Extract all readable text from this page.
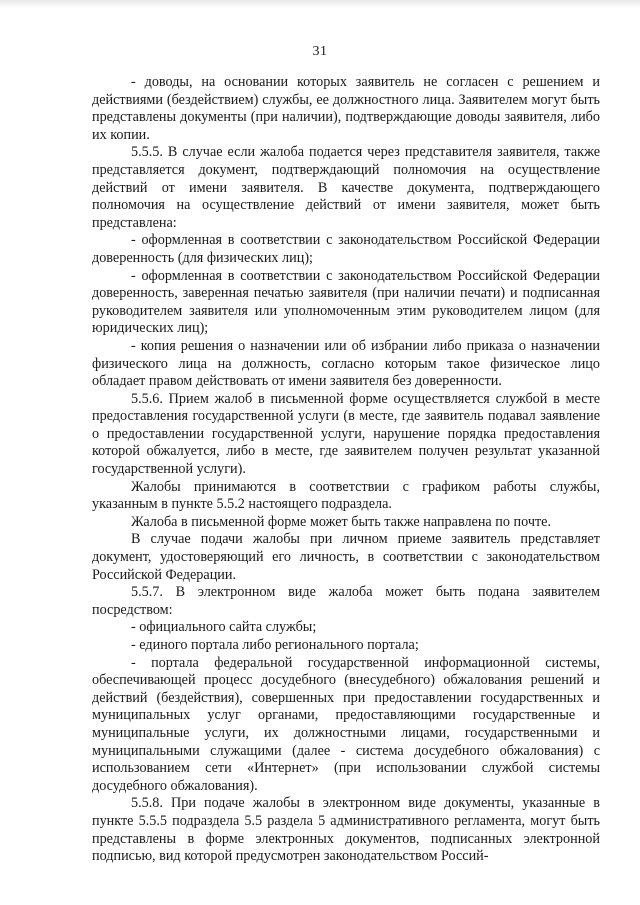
31

- доводы, на основании которых заявитель не согласен с решением и действиями (бездействием) службы, ее должностного лица. Заявителем могут быть представлены документы (при наличии), подтверждающие доводы заявителя, либо их копии.

5.5.5. В случае если жалоба подается через представителя заявителя, также представляется документ, подтверждающий полномочия на осуществление действий от имени заявителя. В качестве документа, подтверждающего полномочия на осуществление действий от имени заявителя, может быть представлена:

- оформленная в соответствии с законодательством Российской Федерации доверенность (для физических лиц);

- оформленная в соответствии с законодательством Российской Федерации доверенность, заверенная печатью заявителя (при наличии печати) и подписанная руководителем заявителя или уполномоченным этим руководителем лицом (для юридических лиц);

- копия решения о назначении или об избрании либо приказа о назначении физического лица на должность, согласно которым такое физическое лицо обладает правом действовать от имени заявителя без доверенности.

5.5.6. Прием жалоб в письменной форме осуществляется службой в месте предоставления государственной услуги (в месте, где заявитель подавал заявление о предоставлении государственной услуги, нарушение порядка предоставления которой обжалуется, либо в месте, где заявителем получен результат указанной государственной услуги).

Жалобы принимаются в соответствии с графиком работы службы, указанным в пункте 5.5.2 настоящего подраздела.

Жалоба в письменной форме может быть также направлена по почте.

В случае подачи жалобы при личном приеме заявитель представляет документ, удостоверяющий его личность, в соответствии с законодательством Российской Федерации.

5.5.7. В электронном виде жалоба может быть подана заявителем посредством:

- официального сайта службы;

- единого портала либо регионального портала;

- портала федеральной государственной информационной системы, обеспечивающей процесс досудебного (внесудебного) обжалования решений и действий (бездействия), совершенных при предоставлении государственных и муниципальных услуг органами, предоставляющими государственные и муниципальные услуги, их должностными лицами, государственными и муниципальными служащими (далее - система досудебного обжалования) с использованием сети «Интернет» (при использовании службой системы досудебного обжалования).

5.5.8. При подаче жалобы в электронном виде документы, указанные в пункте 5.5.5 подраздела 5.5 раздела 5 административного регламента, могут быть представлены в форме электронных документов, подписанных электронной подписью, вид которой предусмотрен законодательством Россий-
